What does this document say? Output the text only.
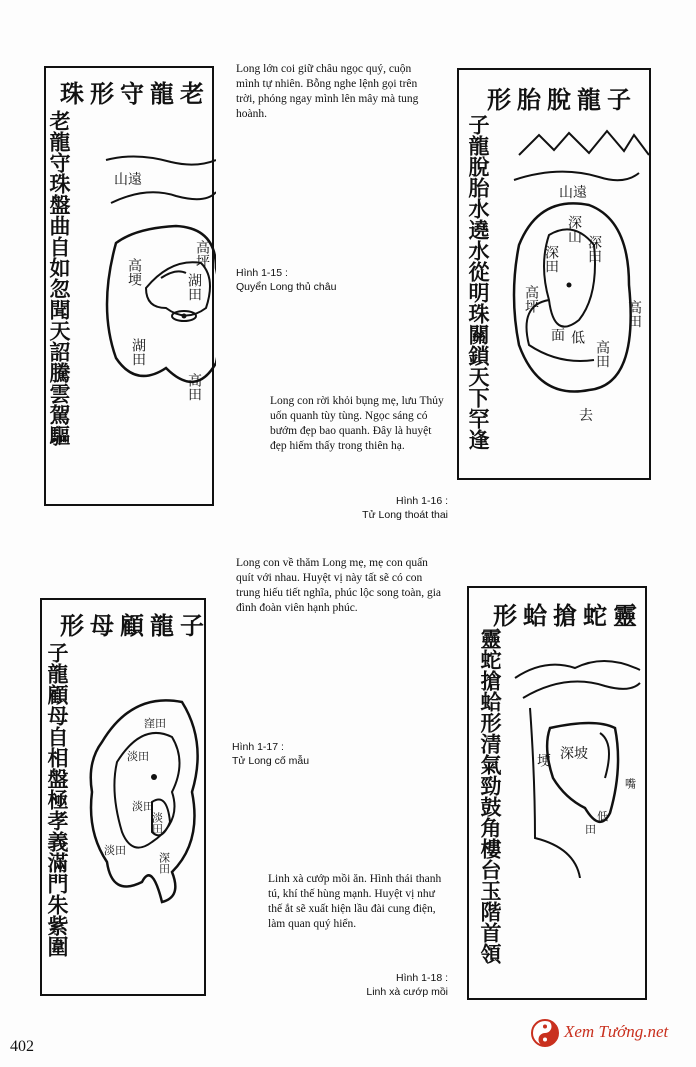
珠形守龍老
老龍守珠盤曲自如忽聞天詔騰雲駕驅	山遠
高坪
高埂
湖田
湖田
高田
Long lớn coi giữ châu ngọc quý, cuộn mình tự nhiên. Bỗng nghe lệnh gọi trên trời, phóng ngay mình lên mây mà tung hoành.
Hình 1-15 :
Quyển Long thủ châu
形胎脫龍子
子龍脫胎水遶水從明珠關鎖天下罕逢	山遠
深山
深田
深田
高坪
面 低
高田
高田
去
Long con rời khỏi bụng mẹ, lưu Thủy uốn quanh tùy tùng. Ngọc sáng có bướm đẹp bao quanh. Đây là huyệt đẹp hiếm thấy trong thiên hạ.
Hình 1-16 :
Tử Long thoát thai
形母顧龍子
子龍顧母自相盤極孝義滿門朱紫圍	窪田
淡田
淡田
淡田
淡田
深田
Long con về thăm Long mẹ, mẹ con quấn quít với nhau. Huyệt vị này tất sẽ có con trung hiếu tiết nghĩa, phúc lộc song toàn, gia đình đoàn viên hạnh phúc.
Hình 1-17 :
Tử Long cố mẫu
形蛤搶蛇靈
靈蛇搶蛤形清氣勁鼓角樓台玉階首領	深坡
埂
嘴
田
低
Linh xà cướp mồi ăn. Hình thái thanh tú, khí thế hùng mạnh. Huyệt vị như thế ắt sẽ xuất hiện lầu đài cung điện, làm quan quý hiển.
Hình 1-18 :
Linh xà cướp mồi
402
Xem Tướng.net
